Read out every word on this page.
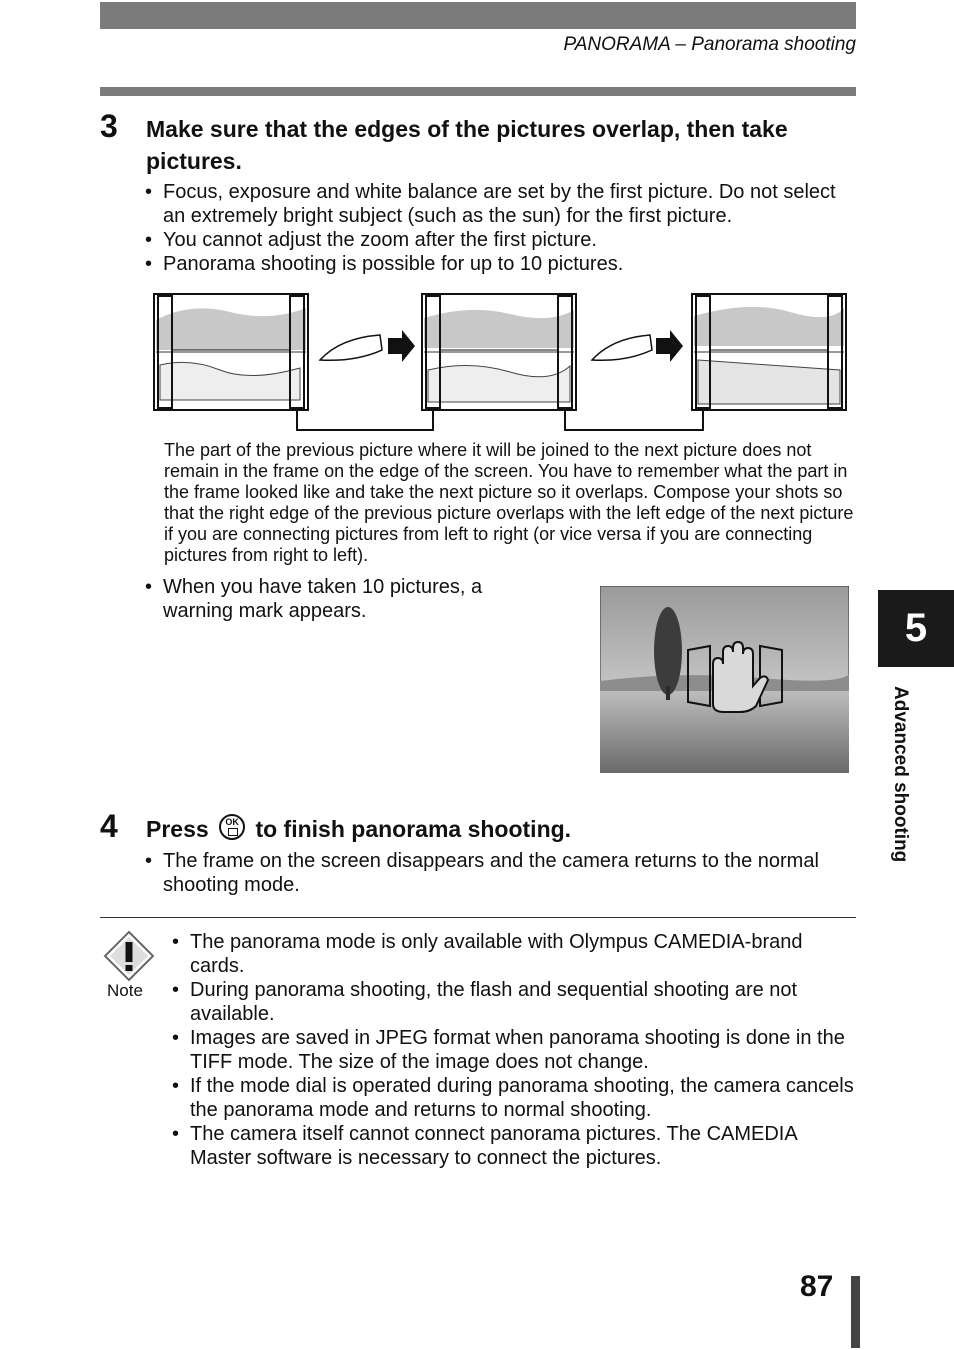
PANORAMA – Panorama shooting
3 Make sure that the edges of the pictures overlap, then take pictures.
• Focus, exposure and white balance are set by the first picture. Do not select an extremely bright subject (such as the sun) for the first picture.
• You cannot adjust the zoom after the first picture.
• Panorama shooting is possible for up to 10 pictures.
The part of the previous picture where it will be joined to the next picture does not remain in the frame on the edge of the screen. You have to remember what the part in the frame looked like and take the next picture so it overlaps. Compose your shots so that the right edge of the previous picture overlaps with the left edge of the next picture if you are connecting pictures from left to right (or vice versa if you are connecting pictures from right to left).
• When you have taken 10 pictures, a warning mark appears.
4 Press	OK to finish panorama shooting.
• The frame on the screen disappears and the camera returns to the normal shooting mode.
Note
• The panorama mode is only available with Olympus CAMEDIA-brand cards.
• During panorama shooting, the flash and sequential shooting are not available.
• Images are saved in JPEG format when panorama shooting is done in the TIFF mode. The size of the image does not change.
• If the mode dial is operated during panorama shooting, the camera cancels the panorama mode and returns to normal shooting.
• The camera itself cannot connect panorama pictures. The CAMEDIA Master software is necessary to connect the pictures.
5
Advanced shooting
87
